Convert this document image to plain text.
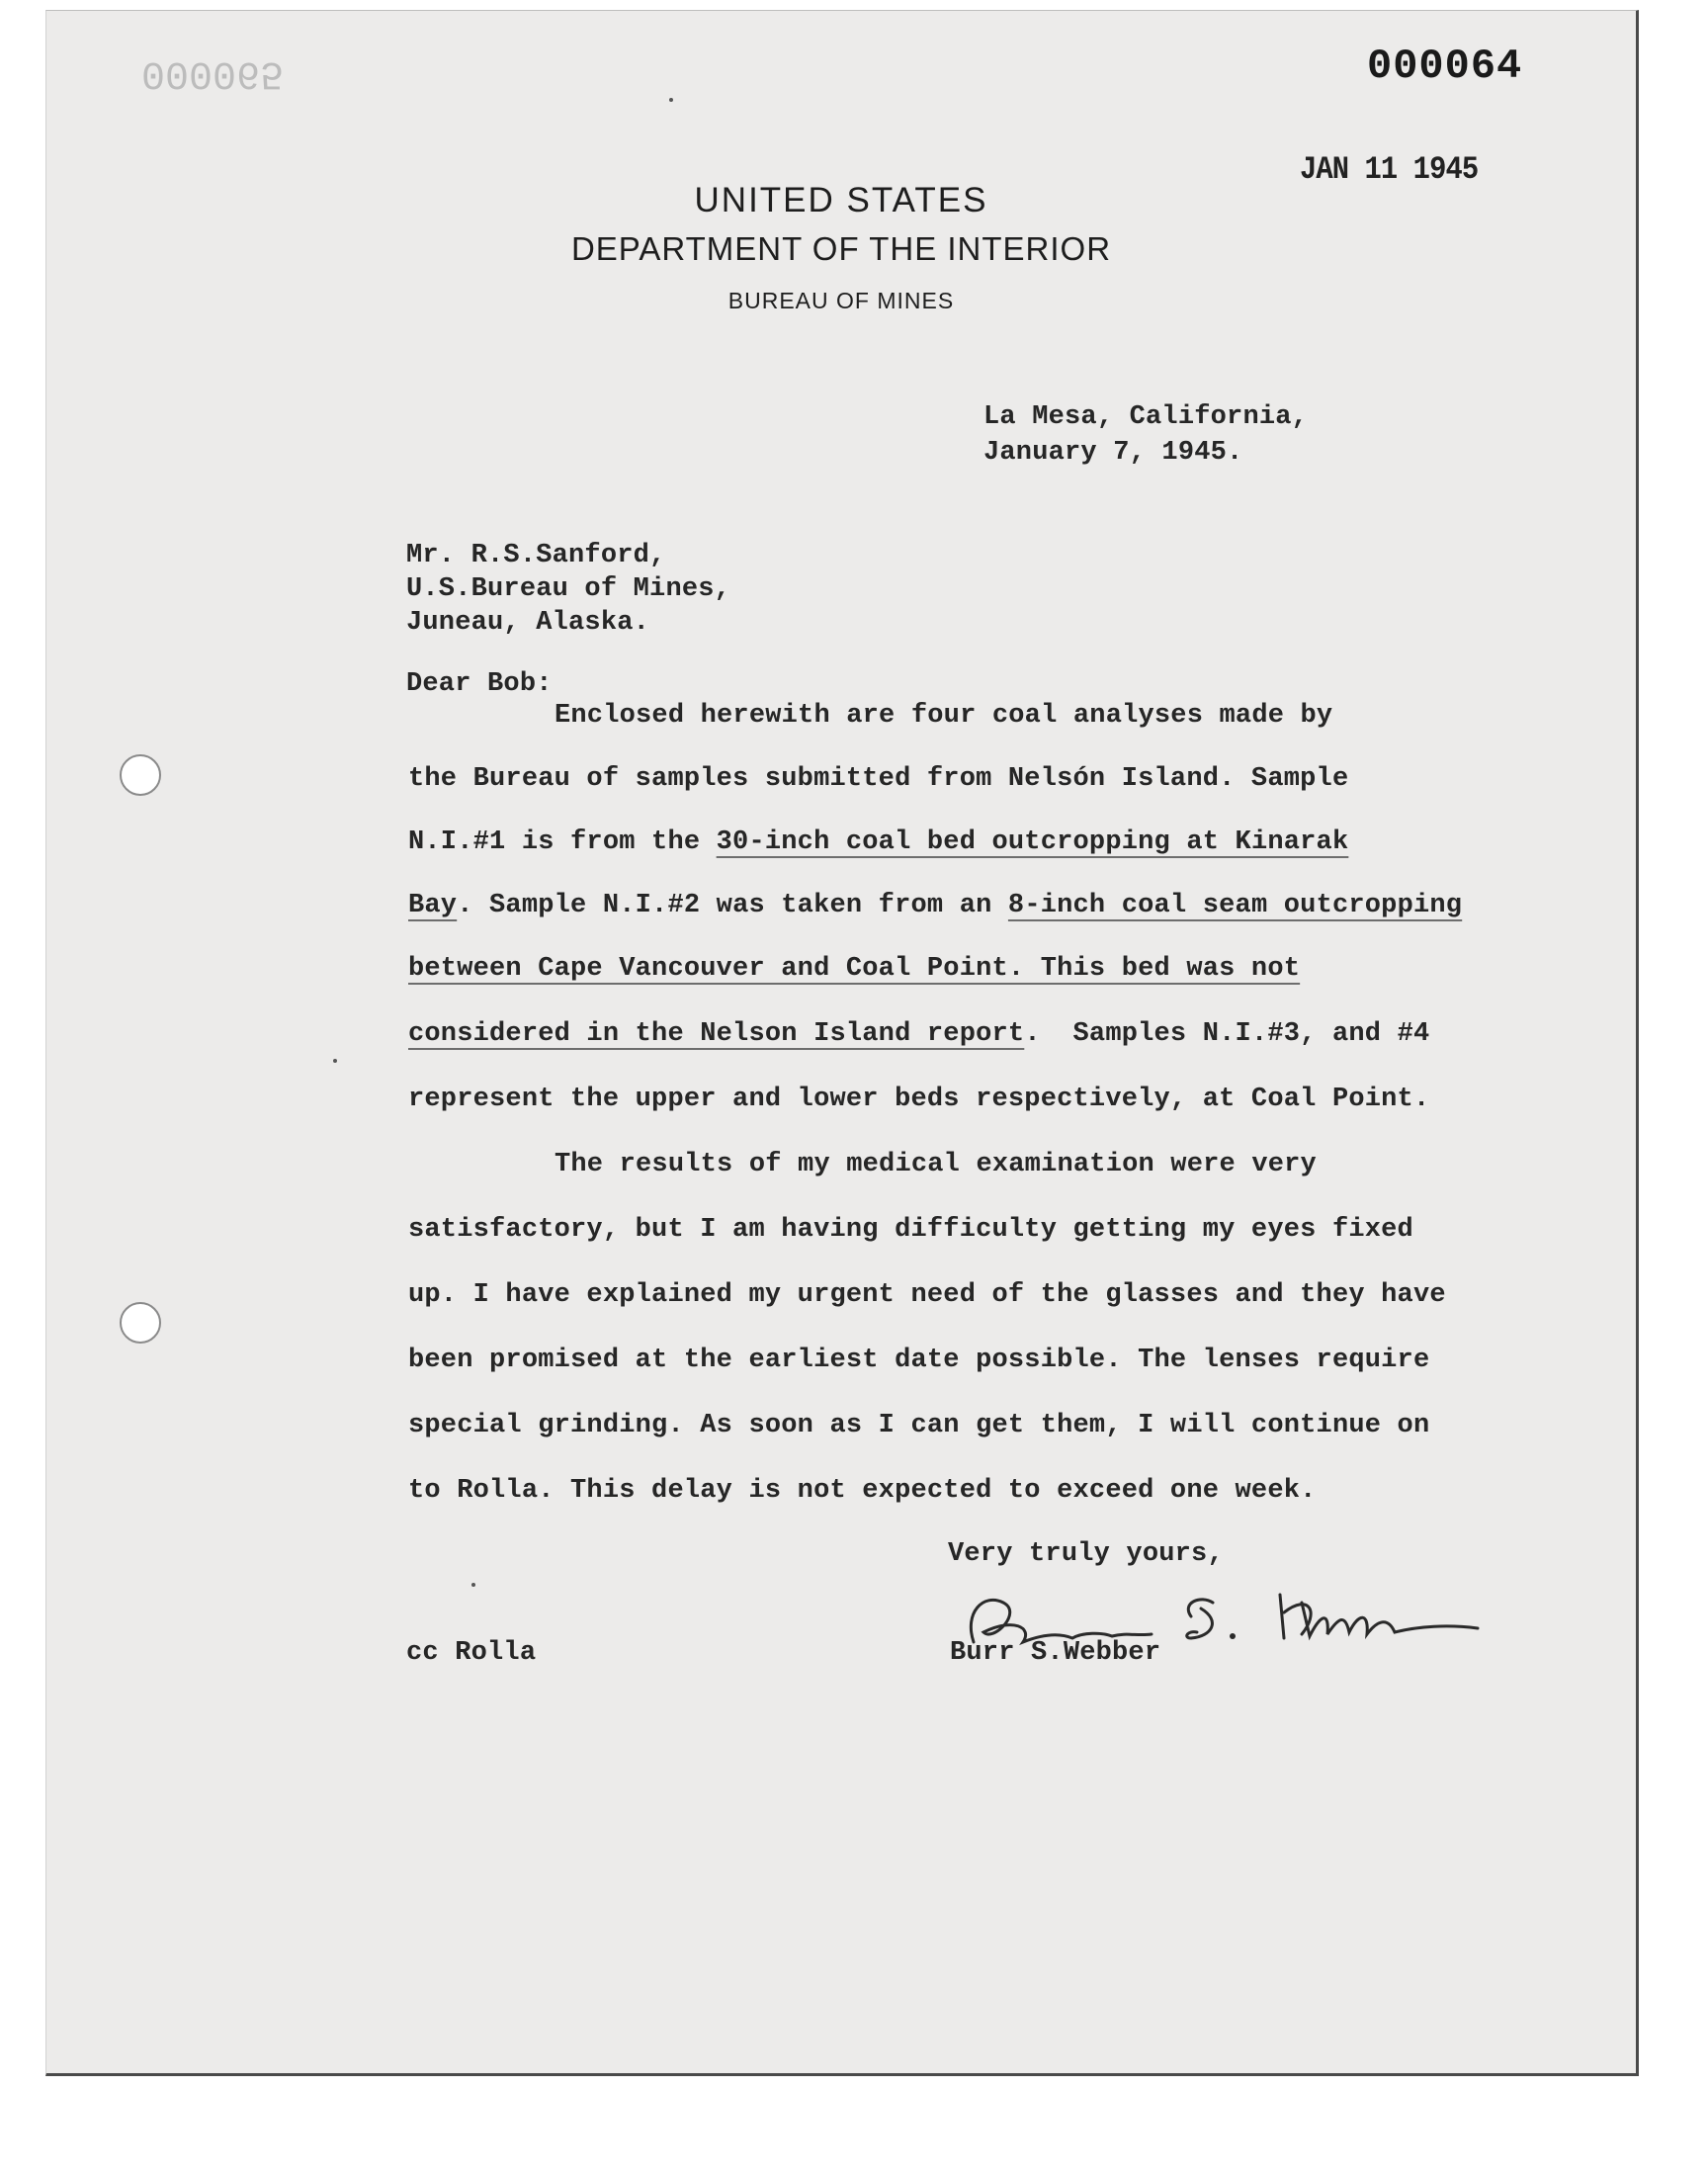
000065	000064
JAN 11 1945
UNITED STATES
DEPARTMENT OF THE INTERIOR
BUREAU OF MINES
La Mesa, California,
January 7, 1945.
Mr. R.S.Sanford,
U.S.Bureau of Mines,
Juneau, Alaska.
Dear Bob:
Enclosed herewith are four coal analyses made by
the Bureau of samples submitted from Nelsón Island. Sample
N.I.#1 is from the 30-inch coal bed outcropping at Kinarak
Bay. Sample N.I.#2 was taken from an 8-inch coal seam outcropping
between Cape Vancouver and Coal Point. This bed was not
considered in the Nelson Island report.  Samples N.I.#3, and #4
represent the upper and lower beds respectively, at Coal Point.
The results of my medical examination were very
satisfactory, but I am having difficulty getting my eyes fixed
up. I have explained my urgent need of the glasses and they have
been promised at the earliest date possible. The lenses require
special grinding. As soon as I can get them, I will continue on
to Rolla. This delay is not expected to exceed one week.
Very truly yours,
Burr S. Webber
cc Rolla	Burr S.Webber
